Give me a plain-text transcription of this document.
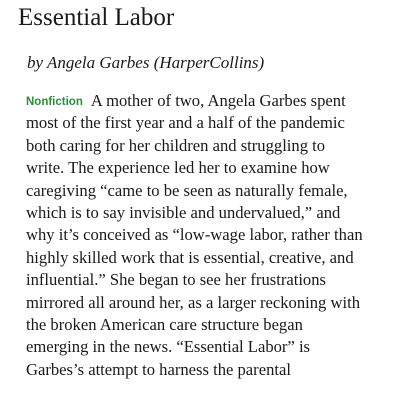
Essential Labor
by Angela Garbes (HarperCollins)
Nonfiction A mother of two, Angela Garbes spent
most of the first year and a half of the pandemic
both caring for her children and struggling to
write. The experience led her to examine how
caregiving “came to be seen as naturally female,
which is to say invisible and undervalued,” and
why it’s conceived as “low-wage labor, rather than
highly skilled work that is essential, creative, and
influential.” She began to see her frustrations
mirrored all around her, as a larger reckoning with
the broken American care structure began
emerging in the news. “Essential Labor” is
Garbes’s attempt to harness the parental
